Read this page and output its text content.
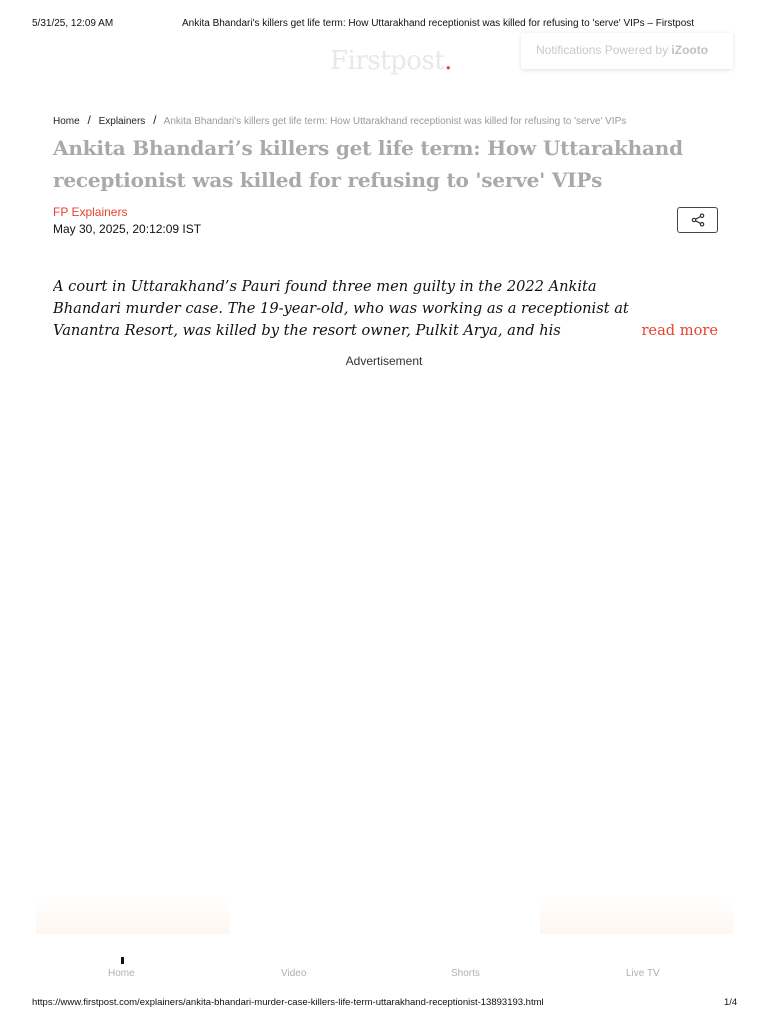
5/31/25, 12:09 AM	Ankita Bhandari's killers get life term: How Uttarakhand receptionist was killed for refusing to 'serve' VIPs – Firstpost
Firstpost.	Notifications Powered by iZooto
Home / Explainers / Ankita Bhandari's killers get life term: How Uttarakhand receptionist was killed for refusing to 'serve' VIPs
Ankita Bhandari’s killers get life term: How Uttarakhand receptionist was killed for refusing to 'serve' VIPs
FP Explainers
May 30, 2025, 20:12:09 IST

A court in Uttarakhand’s Pauri found three men guilty in the 2022 Ankita Bhandari murder case. The 19-year-old, who was working as a receptionist at Vanantra Resort, was killed by the resort owner, Pulkit Arya, and his	read more
Advertisement
Home	Video	Shorts	Live TV
https://www.firstpost.com/explainers/ankita-bhandari-murder-case-killers-life-term-uttarakhand-receptionist-13893193.html	1/4
